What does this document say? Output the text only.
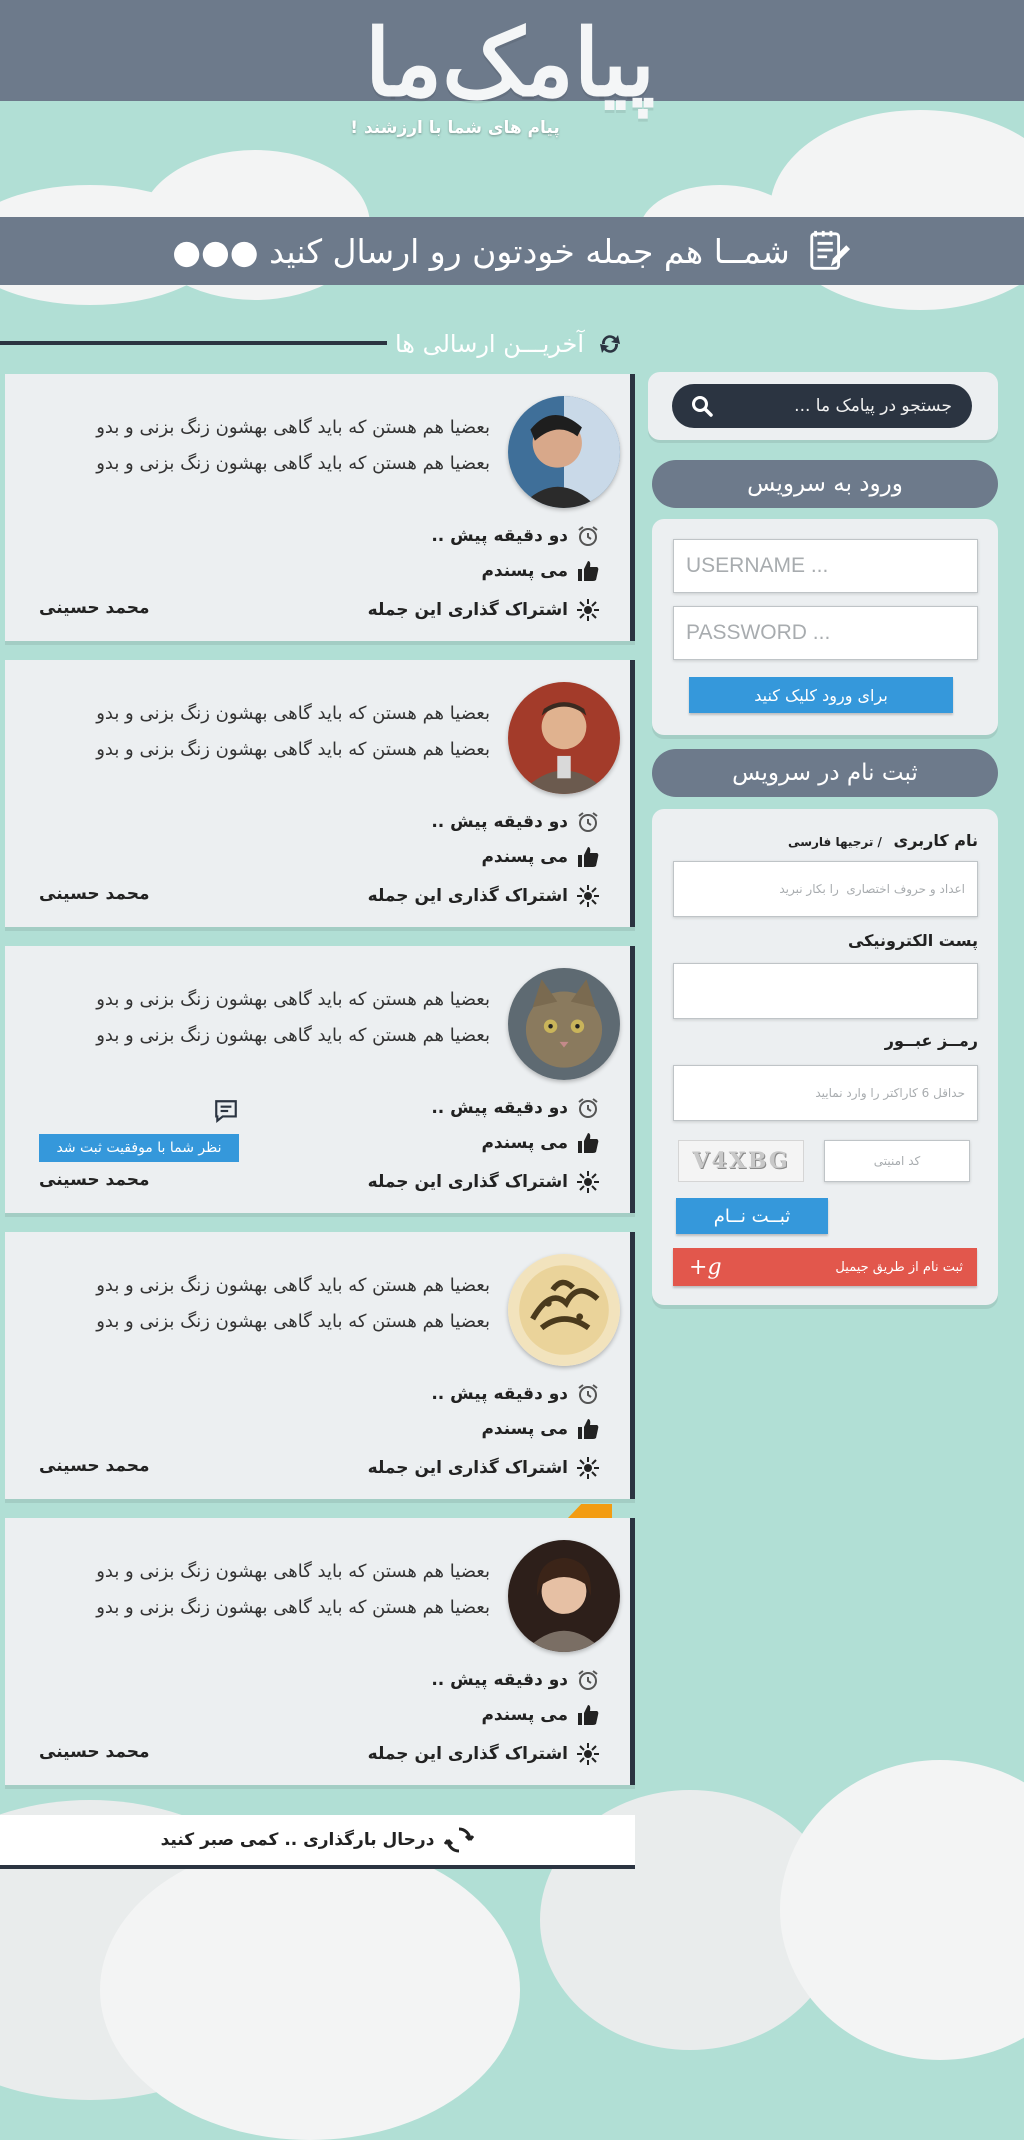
پیامک‌ما
پیام های شما با ارزشند !
شمــا هم جمله خودتون رو ارسال کنید ●●●
آخریـــن ارسالی ها
بعضیا هم هستن که باید گاهی بهشون زنگ بزنی و بدو
بعضیا هم هستن که باید گاهی بهشون زنگ بزنی و بدو
دو دقیقه پیش ..
می پسندم
اشتراک گذاری این جمله
محمد حسینی
بعضیا هم هستن که باید گاهی بهشون زنگ بزنی و بدو
بعضیا هم هستن که باید گاهی بهشون زنگ بزنی و بدو
دو دقیقه پیش ..
می پسندم
اشتراک گذاری این جمله
محمد حسینی
بعضیا هم هستن که باید گاهی بهشون زنگ بزنی و بدو
بعضیا هم هستن که باید گاهی بهشون زنگ بزنی و بدو
دو دقیقه پیش ..
می پسندم
اشتراک گذاری این جمله
نظر شما با موفقیت ثبت شد
محمد حسینی
بعضیا هم هستن که باید گاهی بهشون زنگ بزنی و بدو
بعضیا هم هستن که باید گاهی بهشون زنگ بزنی و بدو
دو دقیقه پیش ..
می پسندم
اشتراک گذاری این جمله
محمد حسینی
بعضیا هم هستن که باید گاهی بهشون زنگ بزنی و بدو
بعضیا هم هستن که باید گاهی بهشون زنگ بزنی و بدو
دو دقیقه پیش ..
می پسندم
اشتراک گذاری این جمله
محمد حسینی
درحال بارگذاری .. کمی صبر کنید
جستجو در پیامک ما ...
ورود به سرویس
USERNAME ...
برای ورود کلیک کنید
ثبت نام در سرویس
نام کاربری / ترجیها فارسی
اعداد و حروف اختصاری را بکار نبرید
پست الکترونیکی
رمــز عبــور
V4XBG
کد امنیتی
ثبــت نــام
ثبت نام از طریق جیمیل
g+
